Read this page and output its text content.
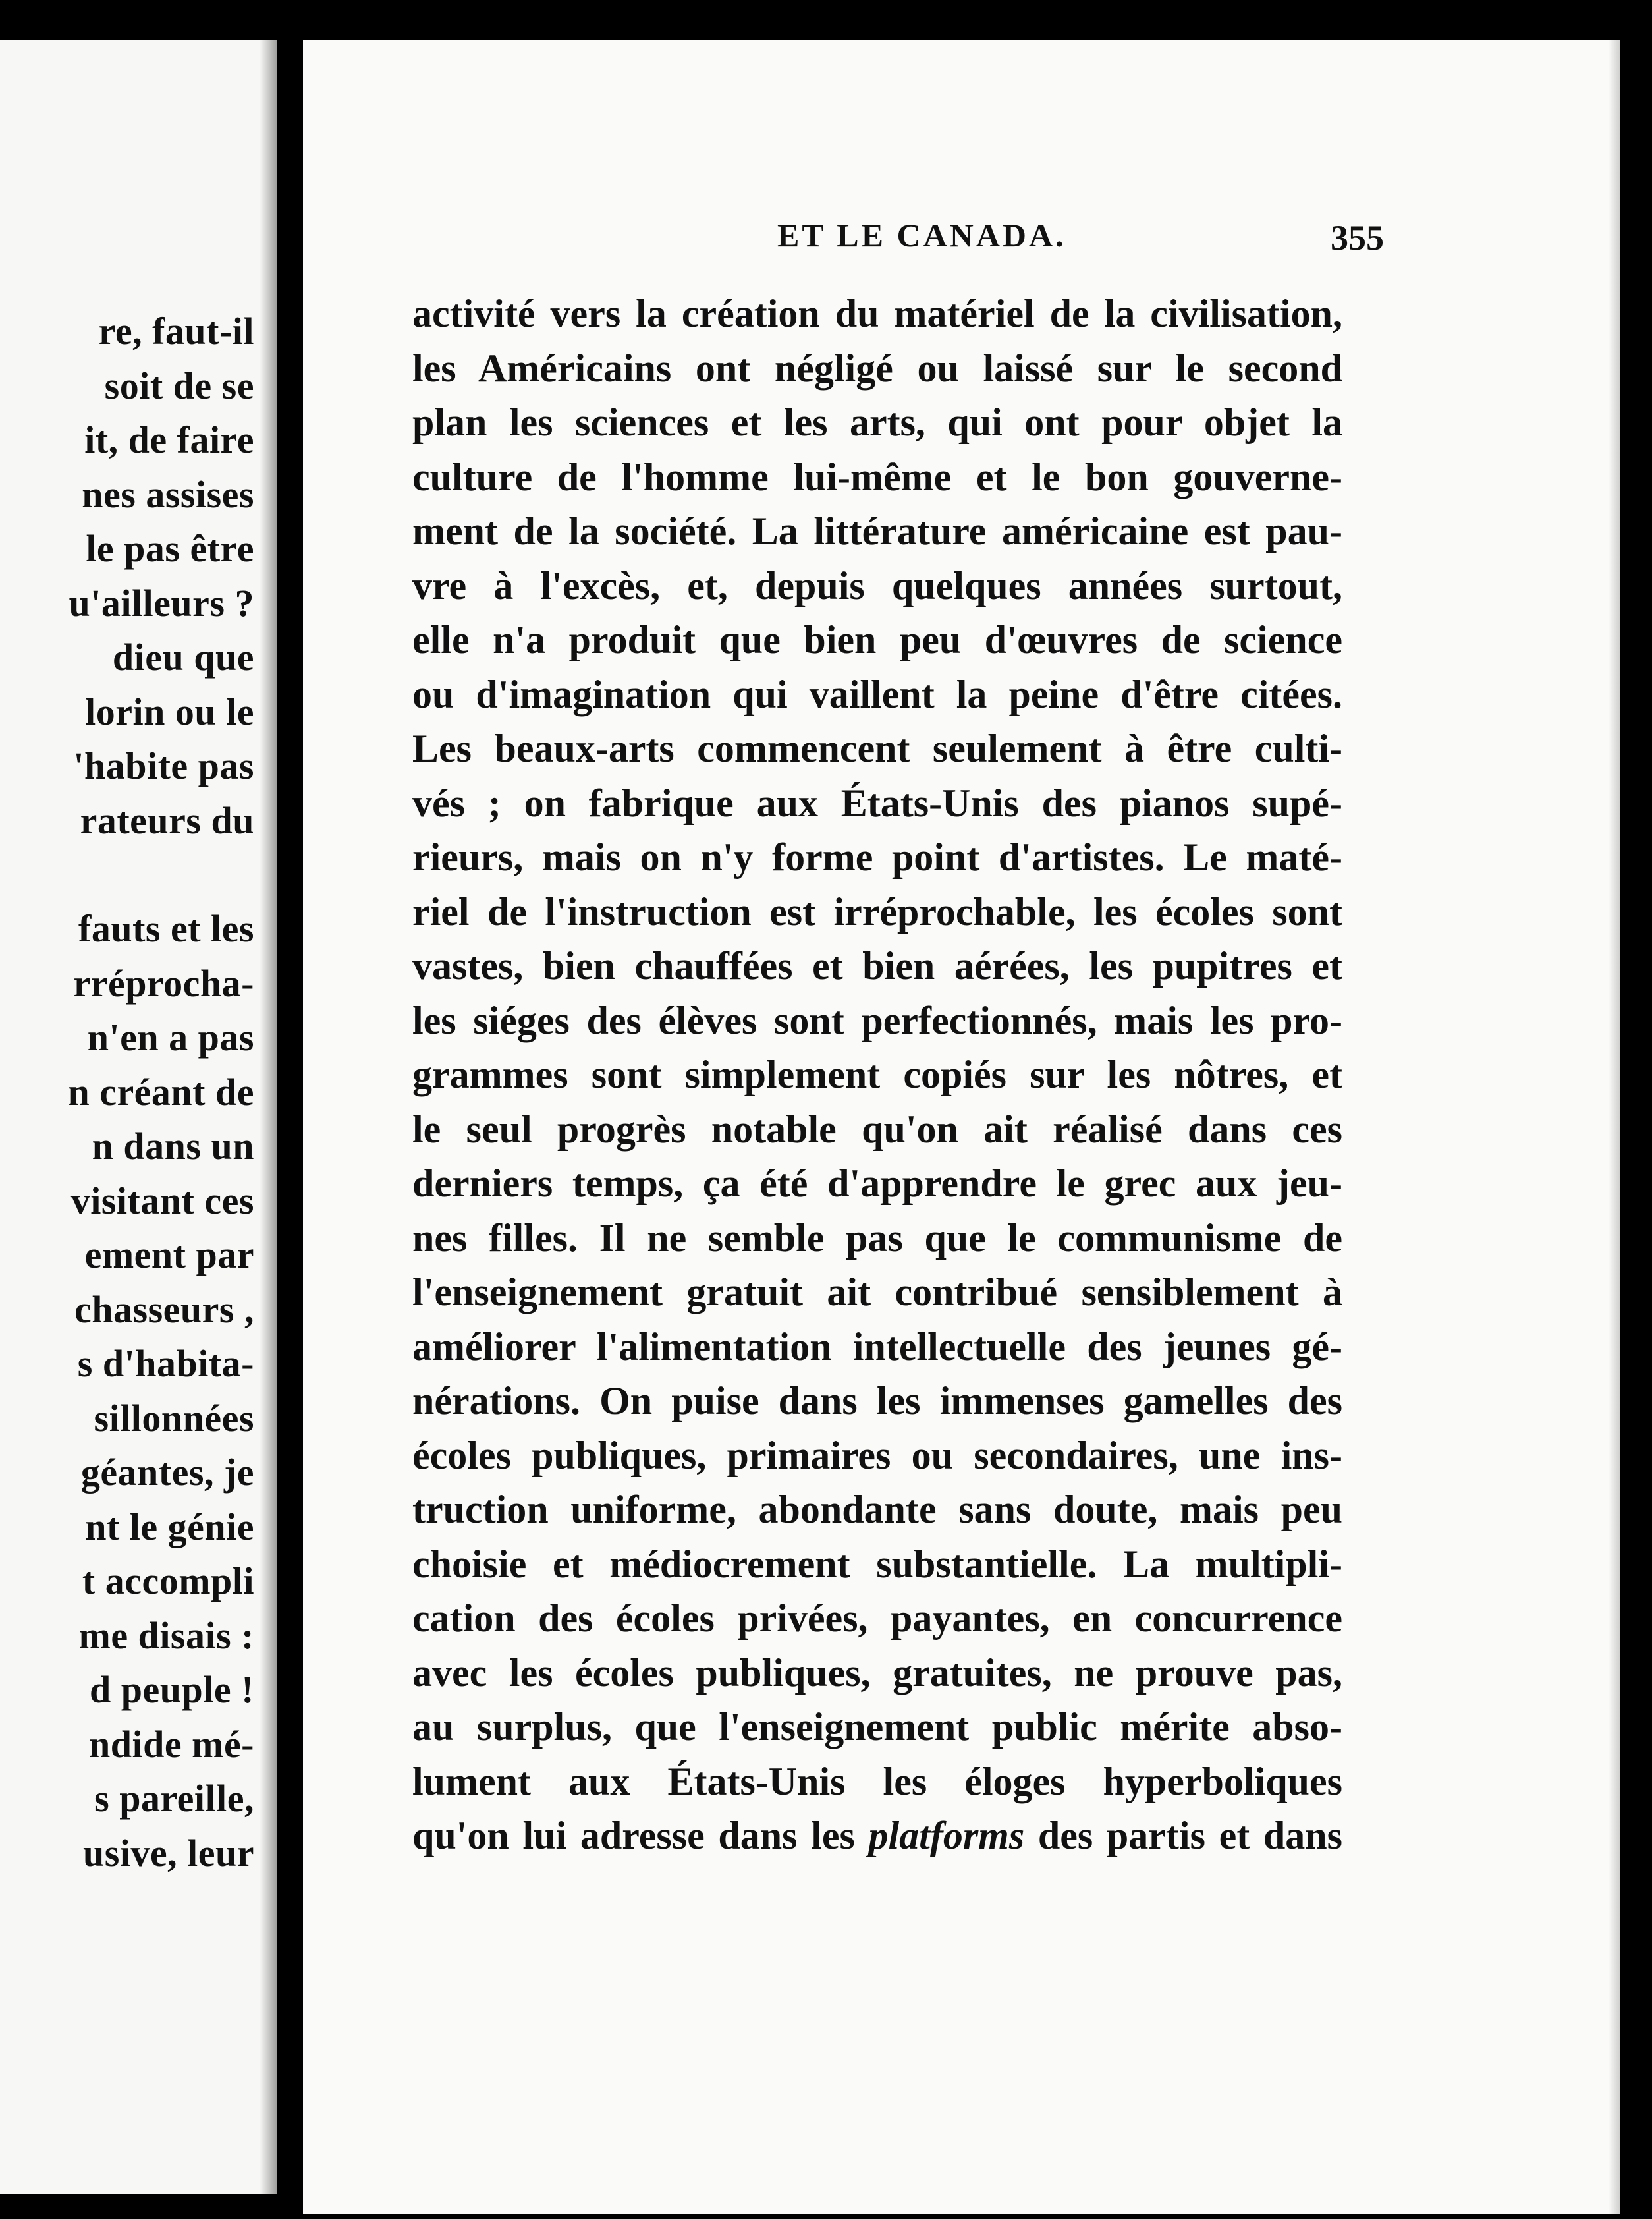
re, faut-il
soit de se
it, de faire
nes assises
le pas être
u'ailleurs ?
dieu que
lorin ou le
'habite pas
rateurs du
fauts et les
rréprocha-
n'en a pas
n créant de
n dans un
visitant ces
ement par
chasseurs ,
s d'habita-
sillonnées
géantes, je
nt le génie
t accompli
me disais :
d peuple !
ndide mé-
s pareille,
usive, leur
ET LE CANADA.	355
activité vers la création du matériel de la civilisation,
les Américains ont négligé ou laissé sur le second
plan les sciences et les arts, qui ont pour objet la
culture de l'homme lui-même et le bon gouverne-
ment de la société. La littérature américaine est pau-
vre à l'excès, et, depuis quelques années surtout,
elle n'a produit que bien peu d'œuvres de science
ou d'imagination qui vaillent la peine d'être citées.
Les beaux-arts commencent seulement à être culti-
vés ; on fabrique aux États-Unis des pianos supé-
rieurs, mais on n'y forme point d'artistes. Le maté-
riel de l'instruction est irréprochable, les écoles sont
vastes, bien chauffées et bien aérées, les pupitres et
les siéges des élèves sont perfectionnés, mais les pro-
grammes sont simplement copiés sur les nôtres, et
le seul progrès notable qu'on ait réalisé dans ces
derniers temps, ça été d'apprendre le grec aux jeu-
nes filles. Il ne semble pas que le communisme de
l'enseignement gratuit ait contribué sensiblement à
améliorer l'alimentation intellectuelle des jeunes gé-
nérations. On puise dans les immenses gamelles des
écoles publiques, primaires ou secondaires, une ins-
truction uniforme, abondante sans doute, mais peu
choisie et médiocrement substantielle. La multipli-
cation des écoles privées, payantes, en concurrence
avec les écoles publiques, gratuites, ne prouve pas,
au surplus, que l'enseignement public mérite abso-
lument aux États-Unis les éloges hyperboliques
qu'on lui adresse dans les platforms des partis et dans
